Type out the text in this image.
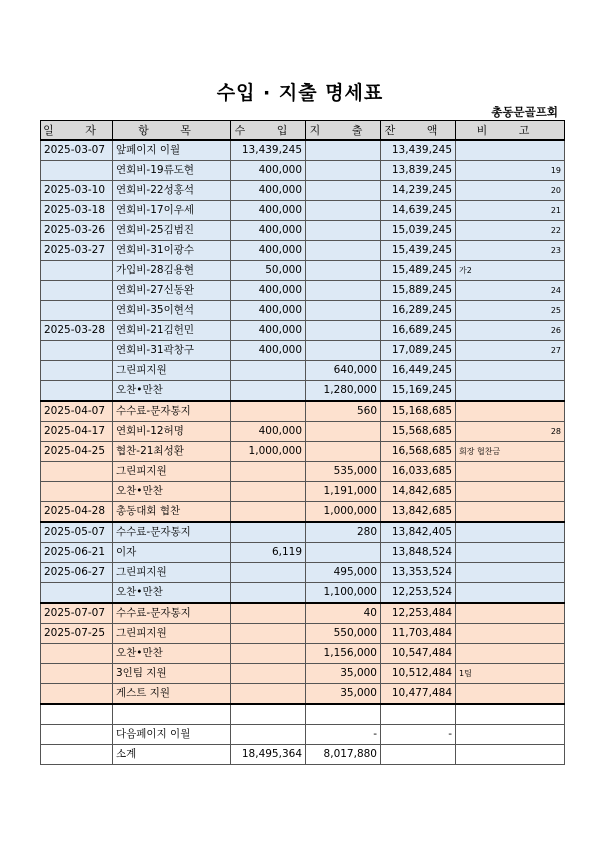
수입 · 지출 명세표
총동문골프회
일 자	항 목	수 입	지 출	잔 액	비 고
2025-03-07	앞페이지 이월	13,439,245		13,439,245	

	연회비-19류도현	400,000		13,839,245	19

2025-03-10	연회비-22성홍석	400,000		14,239,245	20

2025-03-18	연회비-17이우세	400,000		14,639,245	21

2025-03-26	연회비-25김범진	400,000		15,039,245	22

2025-03-27	연회비-31이광수	400,000		15,439,245	23

	가입비-28김용현	50,000		15,489,245	가2

	연회비-27신동완	400,000		15,889,245	24

	연회비-35이현석	400,000		16,289,245	25

2025-03-28	연회비-21김헌민	400,000		16,689,245	26

	연회비-31곽창구	400,000		17,089,245	27

	그린피지원		640,000	16,449,245	

	오찬•만찬		1,280,000	15,169,245	

2025-04-07	수수료-문자통지		560	15,168,685	

2025-04-17	연회비-12허명	400,000		15,568,685	28

2025-04-25	협찬-21최성환	1,000,000		16,568,685	회장 협찬금

	그린피지원		535,000	16,033,685	

	오찬•만찬		1,191,000	14,842,685	

2025-04-28	총동대회 협찬		1,000,000	13,842,685	

2025-05-07	수수료-문자통지		280	13,842,405	

2025-06-21	이자	6,119		13,848,524	

2025-06-27	그린피지원		495,000	13,353,524	

	오찬•만찬		1,100,000	12,253,524	

2025-07-07	수수료-문자통지		40	12,253,484	

2025-07-25	그린피지원		550,000	11,703,484	

	오찬•만찬		1,156,000	10,547,484	

	3인팀 지원		35,000	10,512,484	1팀

	게스트 지원		35,000	10,477,484	

	다음페이지 이월		-	-	

	소계	18,495,364	8,017,880		
